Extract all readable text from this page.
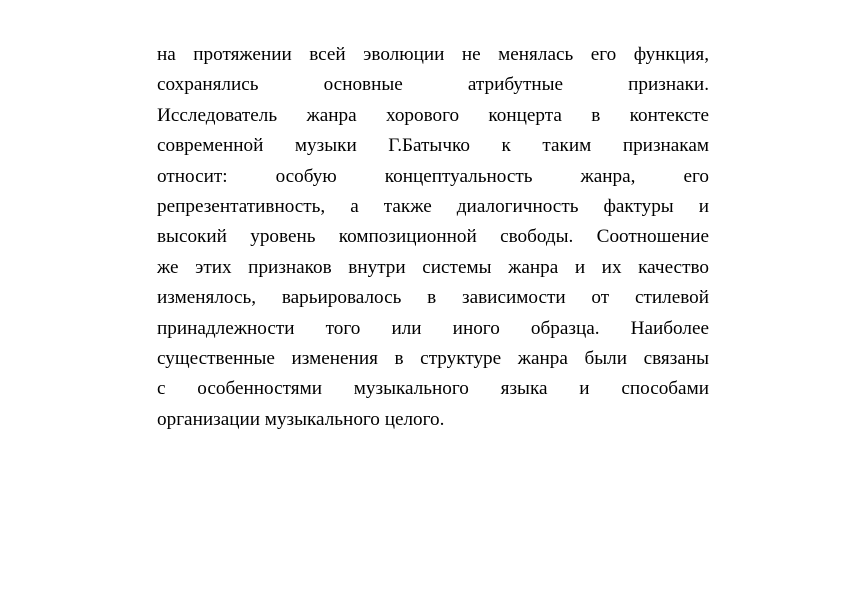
на протяжении всей эволюции не менялась его функция,
сохранялись основные атрибутные признаки.
Исследователь жанра хорового концерта в контексте
современной музыки Г.Батычко к таким признакам
относит: особую концептуальность жанра, его
репрезентативность, а также диалогичность фактуры и
высокий уровень композиционной свободы. Соотношение
же этих признаков внутри системы жанра и их качество
изменялось, варьировалось в зависимости от стилевой
принадлежности того или иного образца. Наиболее
существенные изменения в структуре жанра были связаны
с особенностями музыкального языка и способами
организации музыкального целого.
